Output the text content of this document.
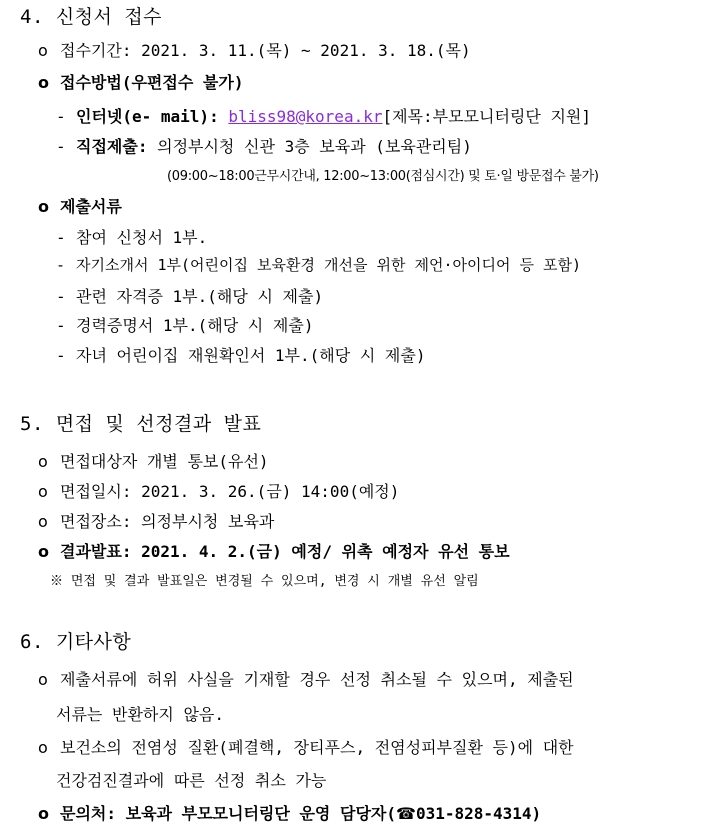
4. 신청서 접수
o 접수기간: 2021. 3. 11.(목) ~ 2021. 3. 18.(목)
o 접수방법(우편접수 불가)
- 인터넷(e- mail): bliss98@korea.kr[제목:부모모니터링단 지원]
- 직접제출: 의정부시청 신관 3층 보육과 (보육관리팀)
(09:00~18:00근무시간내, 12:00~13:00(점심시간) 및 토·일 방문접수 불가)
o 제출서류
- 참여 신청서 1부.
- 자기소개서 1부(어린이집 보육환경 개선을 위한 제언·아이디어 등 포함)
- 관련 자격증 1부.(해당 시 제출)
- 경력증명서 1부.(해당 시 제출)
- 자녀 어린이집 재원확인서 1부.(해당 시 제출)
5. 면접 및 선정결과 발표
o 면접대상자 개별 통보(유선)
o 면접일시: 2021. 3. 26.(금) 14:00(예정)
o 면접장소: 의정부시청 보육과
o 결과발표: 2021. 4. 2.(금) 예정/ 위촉 예정자 유선 통보
※ 면접 및 결과 발표일은 변경될 수 있으며, 변경 시 개별 유선 알림
6. 기타사항
o 제출서류에 허위 사실을 기재할 경우 선정 취소될 수 있으며, 제출된
서류는 반환하지 않음.
o 보건소의 전염성 질환(폐결핵, 장티푸스, 전염성피부질환 등)에 대한
건강검진결과에 따른 선정 취소 가능
o 문의처: 보육과 부모모니터링단 운영 담당자(☎031-828-4314)
